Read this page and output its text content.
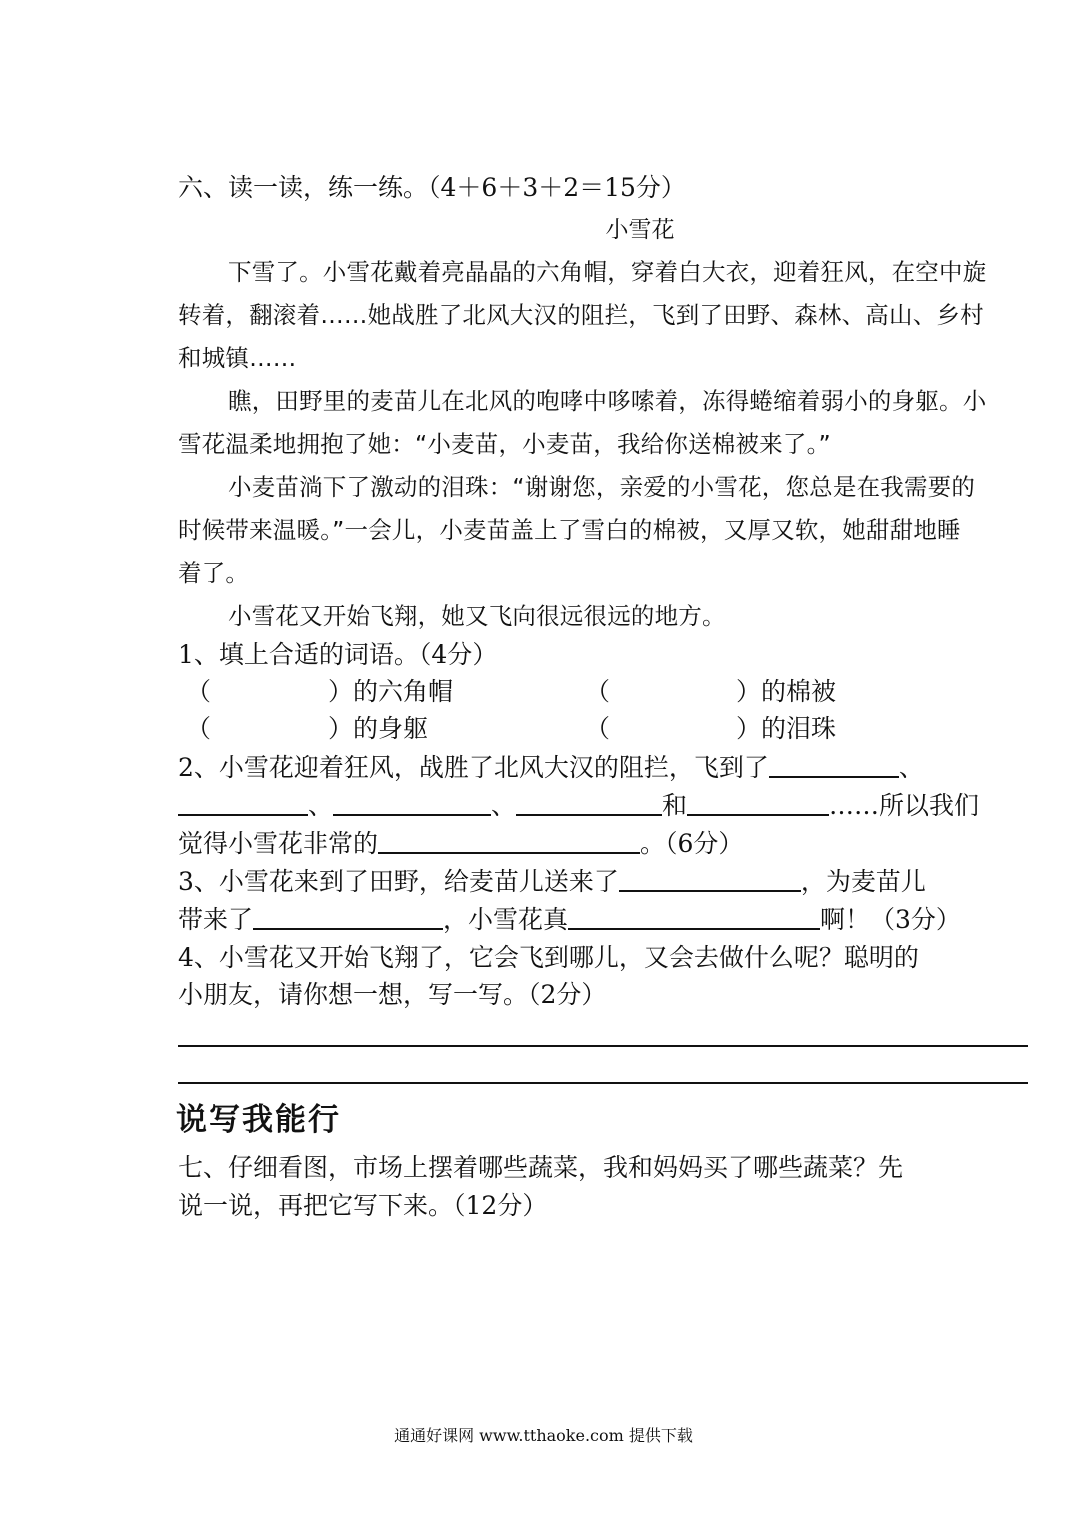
六、读一读，练一练。（4＋6＋3＋2＝15分）
小雪花
下雪了。小雪花戴着亮晶晶的六角帽，穿着白大衣，迎着狂风，在空中旋
转着，翻滚着……她战胜了北风大汉的阻拦，飞到了田野、森林、高山、乡村
和城镇……
瞧，田野里的麦苗儿在北风的咆哮中哆嗦着，冻得蜷缩着弱小的身躯。小
雪花温柔地拥抱了她：“小麦苗，小麦苗，我给你送棉被来了。”
小麦苗淌下了激动的泪珠：“谢谢您，亲爱的小雪花，您总是在我需要的
时候带来温暖。”一会儿，小麦苗盖上了雪白的棉被，又厚又软，她甜甜地睡
着了。
小雪花又开始飞翔，她又飞向很远很远的地方。
1、填上合适的词语。（4分）
（	）的六角帽	（	）的棉被
（	）的身躯	（	）的泪珠
2、小雪花迎着狂风，战胜了北风大汉的阻拦，飞到了	、
、	、	和	……所以我们
觉得小雪花非常的	。（6分）
3、小雪花来到了田野，给麦苗儿送来了	，为麦苗儿
带来了	，小雪花真	啊！（3分）
4、小雪花又开始飞翔了，它会飞到哪儿，又会去做什么呢？聪明的
小朋友，请你想一想，写一写。（2分）
说写我能行
七、仔细看图，市场上摆着哪些蔬菜，我和妈妈买了哪些蔬菜？先
说一说，再把它写下来。（12分）
通通好课网 www.tthaoke.com 提供下载
